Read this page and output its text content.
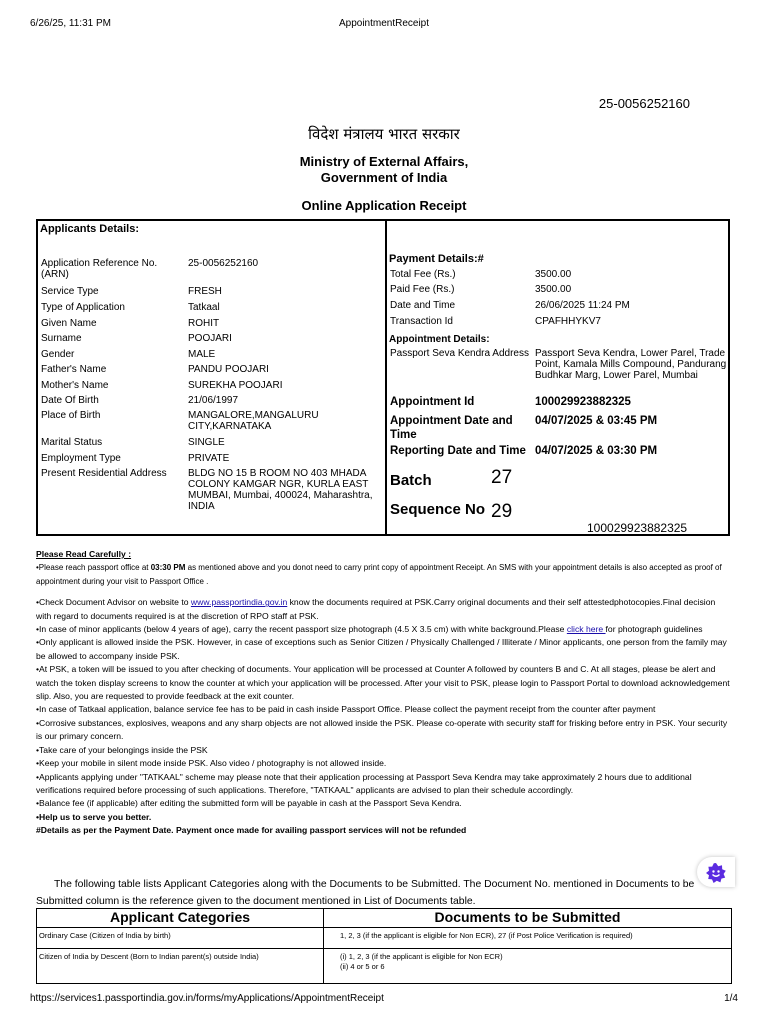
6/26/25, 11:31 PM	AppointmentReceipt
25-0056252160
विदेश मंत्रालय भारत सरकार
Ministry of External Affairs,
Government of India
Online Application Receipt
Applicants Details:
Application Reference No. (ARN)
25-0056252160
Service Type	FRESH
Type of Application	Tatkaal
Given Name	ROHIT
Surname	POOJARI
Gender	MALE
Father's Name	PANDU POOJARI
Mother's Name	SUREKHA POOJARI
Date Of Birth	21/06/1997
Place of Birth	MANGALORE,MANGALURU CITY,KARNATAKA
Marital Status	SINGLE
Employment Type	PRIVATE
Present Residential Address BLDG NO 15 B ROOM NO 403 MHADA COLONY KAMGAR NGR, KURLA EAST MUMBAI, Mumbai, 400024, Maharashtra, INDIA
Payment Details:#
Total Fee (Rs.)	3500.00
Paid Fee (Rs.)	3500.00
Date and Time	26/06/2025 11:24 PM
Transaction Id	CPAFHHYKV7
Appointment Details:
Passport Seva Kendra Address Passport Seva Kendra, Lower Parel, Trade Point, Kamala Mills Compound, Pandurang Budhkar Marg, Lower Parel, Mumbai
Appointment Id	100029923882325
Appointment Date and Time
04/07/2025 & 03:45 PM
Reporting Date and Time 04/07/2025 & 03:30 PM
Batch	27
Sequence No 29
100029923882325

Please Read Carefully :

•Please reach passport office at 03:30 PM as mentioned above and you donot need to carry print copy of appointment Receipt. An SMS with your appointment details is also accepted as proof of appointment during your visit to Passport Office .

•Check Document Advisor on website to www.passportindia.gov.in know the documents required at PSK.Carry original documents and their self attestedphotocopies.Final decision with regard to documents required is at the discretion of RPO staff at PSK.

•In case of minor applicants (below 4 years of age), carry the recent passport size photograph (4.5 X 3.5 cm) with white background.Please click here for photograph guidelines

•Only applicant is allowed inside the PSK. However, in case of exceptions such as Senior Citizen / Physically Challenged / Illiterate / Minor applicants, one person from the family may be allowed to accompany inside PSK.

•At PSK, a token will be issued to you after checking of documents. Your application will be processed at Counter A followed by counters B and C. At all stages, please be alert and watch the token display screens to know the counter at which your application will be processed. After your visit to PSK, please login to Passport Portal to download acknowledgement slip. Also, you are requested to provide feedback at the exit counter.

•In case of Tatkaal application, balance service fee has to be paid in cash inside Passport Office. Please collect the payment receipt from the counter after payment

•Corrosive substances, explosives, weapons and any sharp objects are not allowed inside the PSK. Please co-operate with security staff for frisking before entry in PSK. Your security is our primary concern.

•Take care of your belongings inside the PSK

•Keep your mobile in silent mode inside PSK. Also video / photography is not allowed inside.

•Applicants applying under "TATKAAL" scheme may please note that their application processing at Passport Seva Kendra may take approximately 2 hours due to additional verifications required before processing of such applications. Therefore, "TATKAAL" applicants are advised to plan their schedule accordingly.

•Balance fee (if applicable) after editing the submitted form will be payable in cash at the Passport Seva Kendra.

•Help us to serve you better.

#Details as per the Payment Date. Payment once made for availing passport services will not be refunded

The following table lists Applicant Categories along with the Documents to be Submitted. The Document No. mentioned in Documents to be Submitted column is the reference given to the document mentioned in List of Documents table.
Applicant Categories	Documents to be Submitted
Ordinary Case (Citizen of India by birth)	1, 2, 3 (if the applicant is eligible for Non ECR), 27 (if Post Police Verification is required)

Citizen of India by Descent (Born to Indian parent(s) outside India)	(i) 1, 2, 3 (if the applicant is eligible for Non ECR)
(ii) 4 or 5 or 6
https://services1.passportindia.gov.in/forms/myApplications/AppointmentReceipt	1/4
